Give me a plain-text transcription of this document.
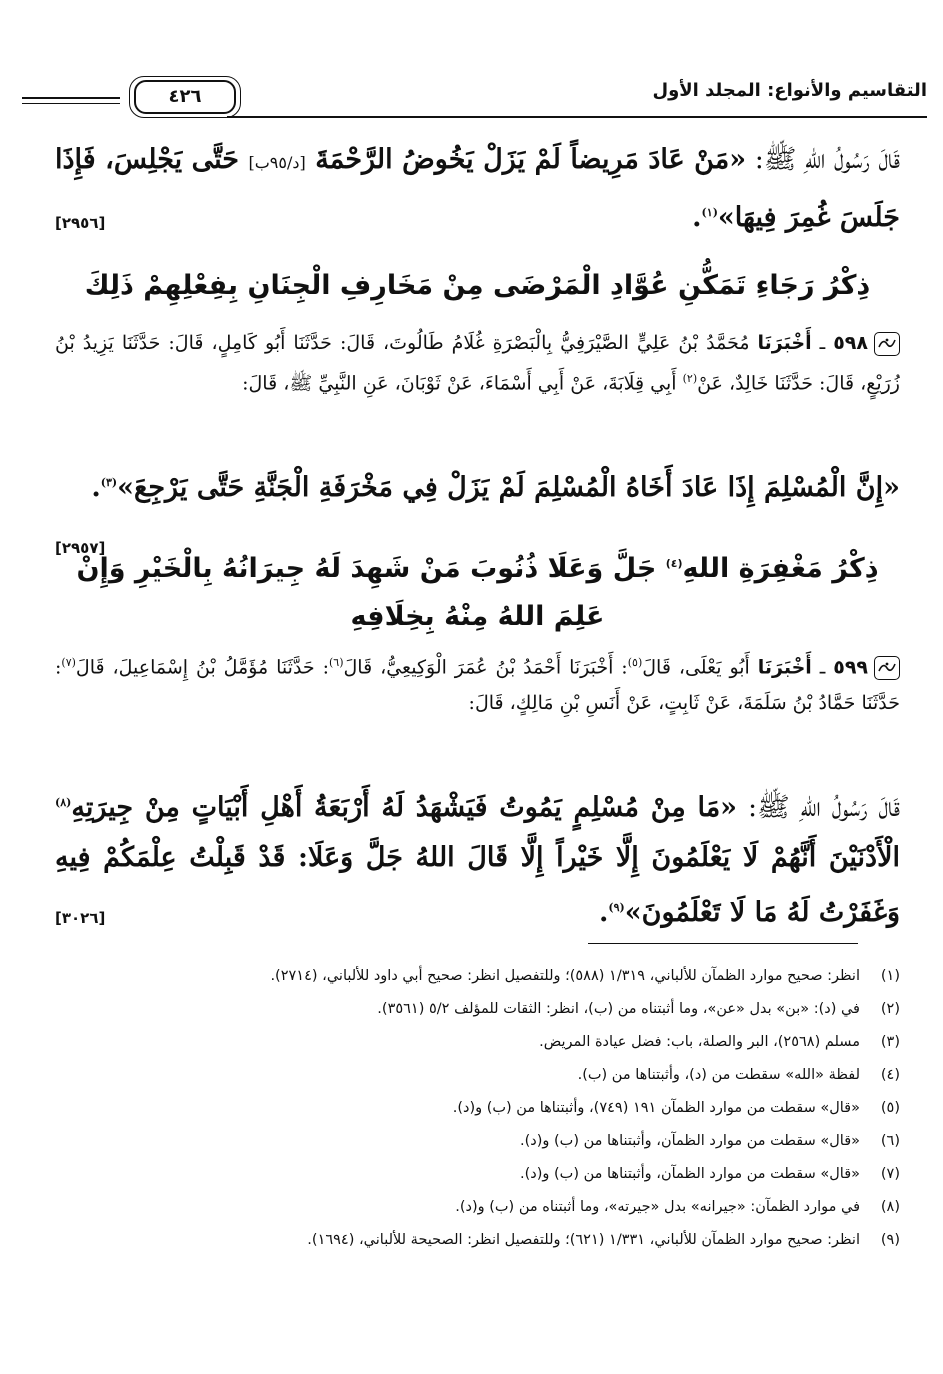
التقاسيم والأنواع: المجلد الأول
٤٢٦
قَالَ رَسُولُ اللهِ ﷺ: «مَنْ عَادَ مَرِيضاً لَمْ يَزَلْ يَخُوضُ الرَّحْمَةَ [د/٩٥ب] حَتَّى يَجْلِسَ، فَإِذَا جَلَسَ غُمِرَ فِيهَا»$^{(١)}$.
[٢٩٥٦]
ذِكْرُ رَجَاءِ تَمَكُّنِ عُوَّادِ الْمَرْضَى مِنْ مَخَارِفِ الْجِنَانِ بِفِعْلِهِمْ ذَلِكَ
٥٩٨ ـ أَخْبَرَنَا مُحَمَّدُ بْنُ عَلِيٍّ الصَّيْرَفِيُّ بِالْبَصْرَةِ غُلَامُ طَالُوتَ، قَالَ: حَدَّثَنَا أَبُو كَامِلٍ، قَالَ: حَدَّثَنَا يَزِيدُ بْنُ زُرَيْعٍ، قَالَ: حَدَّثَنَا خَالِدٌ، عَنْ$^{(٢)}$ أَبِي قِلَابَةَ، عَنْ أَبِي أَسْمَاءَ، عَنْ ثَوْبَانَ، عَنِ النَّبِيِّ ﷺ، قَالَ:
«إِنَّ الْمُسْلِمَ إِذَا عَادَ أَخَاهُ الْمُسْلِمَ لَمْ يَزَلْ فِي مَخْرَفَةِ الْجَنَّةِ حَتَّى يَرْجِعَ»$^{(٣)}$.
[٢٩٥٧]
ذِكْرُ مَغْفِرَةِ اللهِ$^{(٤)}$ جَلَّ وَعَلَا ذُنُوبَ مَنْ شَهِدَ لَهُ جِيرَانُهُ بِالْخَيْرِ وَإِنْ عَلِمَ اللهُ مِنْهُ بِخِلَافِهِ
٥٩٩ ـ أَخْبَرَنَا أَبُو يَعْلَى، قَالَ$^{(٥)}$: أَخْبَرَنَا أَحْمَدُ بْنُ عُمَرَ الْوَكِيعِيُّ، قَالَ$^{(٦)}$: حَدَّثَنَا مُؤَمَّلُ بْنُ إِسْمَاعِيلَ، قَالَ$^{(٧)}$: حَدَّثَنَا حَمَّادُ بْنُ سَلَمَةَ، عَنْ ثَابِتٍ، عَنْ أَنَسِ بْنِ مَالِكٍ، قَالَ:
قَالَ رَسُولُ اللهِ ﷺ: «مَا مِنْ مُسْلِمٍ يَمُوتُ فَيَشْهَدُ لَهُ أَرْبَعَةُ أَهْلِ أَبْيَاتٍ مِنْ جِيرَتِهِ$^{(٨)}$ الْأَدْنَيْنَ أَنَّهُمْ لَا يَعْلَمُونَ إِلَّا خَيْراً إِلَّا قَالَ اللهُ جَلَّ وَعَلَا: قَدْ قَبِلْتُ عِلْمَكُمْ فِيهِ وَغَفَرْتُ لَهُ مَا لَا تَعْلَمُونَ»$^{(٩)}$.
[٣٠٢٦]
(١)
انظر: صحيح موارد الظمآن للألباني، ١/٣١٩ (٥٨٨)؛ وللتفصيل انظر: صحيح أبي داود للألباني، (٢٧١٤).
(٢)
في (د): «بن» بدل «عن»، وما أثبتناه من (ب)، انظر: الثقات للمؤلف ٥/٢ (٣٥٦١).
(٣)
مسلم (٢٥٦٨)، البر والصلة، باب: فضل عيادة المريض.
(٤)
لفظة «الله» سقطت من (د)، وأثبتناها من (ب).
(٥)
«قال» سقطت من موارد الظمآن ١٩١ (٧٤٩)، وأثبتناها من (ب) و(د).
(٦)
«قال» سقطت من موارد الظمآن، وأثبتناها من (ب) و(د).
(٧)
«قال» سقطت من موارد الظمآن، وأثبتناها من (ب) و(د).
(٨)
في موارد الظمآن: «جيرانه» بدل «جيرته»، وما أثبتناه من (ب) و(د).
(٩)
انظر: صحيح موارد الظمآن للألباني، ١/٣٣١ (٦٢١)؛ وللتفصيل انظر: الصحيحة للألباني، (١٦٩٤).
